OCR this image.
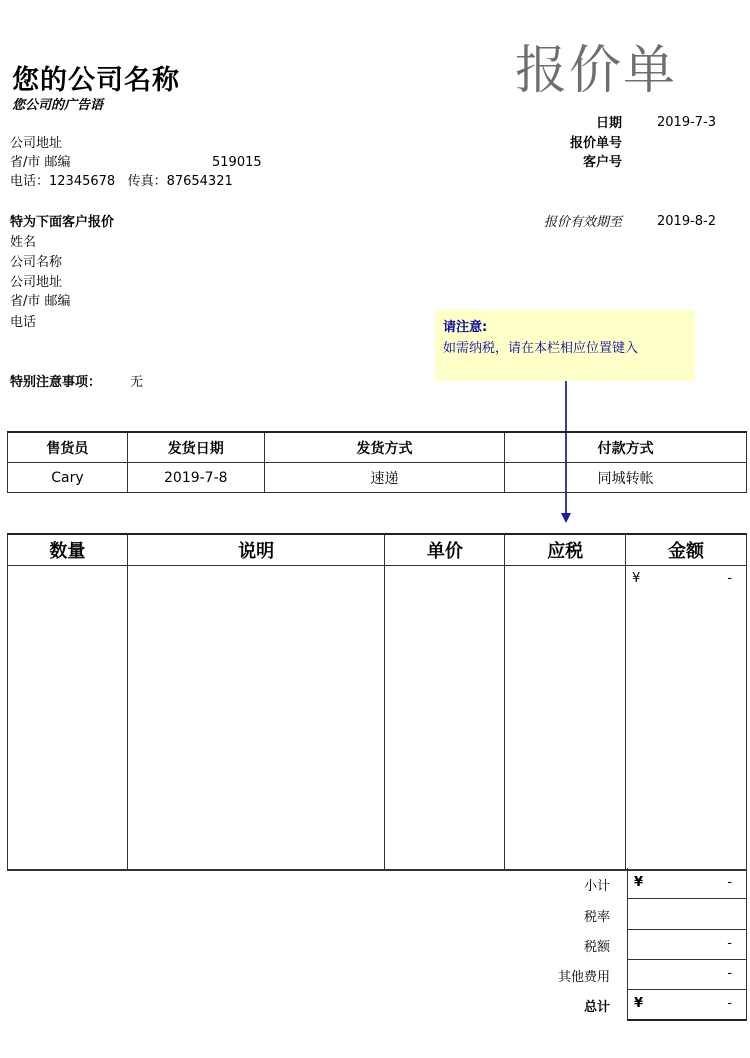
您的公司名称
您公司的广告语
报价单
公司地址
省/市 邮编	519015
电话：12345678   传真：87654321
日期	2019-7-3
报价单号
客户号
报价有效期至	2019-8-2
特为下面客户报价
姓名
公司名称
公司地址
省/市 邮编
电话
特别注意事项： 无
请注意:
如需纳税，请在本栏相应位置键入
售货员	发货日期	发货方式	付款方式
Cary	2019-7-8	速递	同城转帐
数量	说明	单价	应税	金额

				¥ -
小计 ¥	-
税率
税额	-
其他费用	-
总计 ¥	-
